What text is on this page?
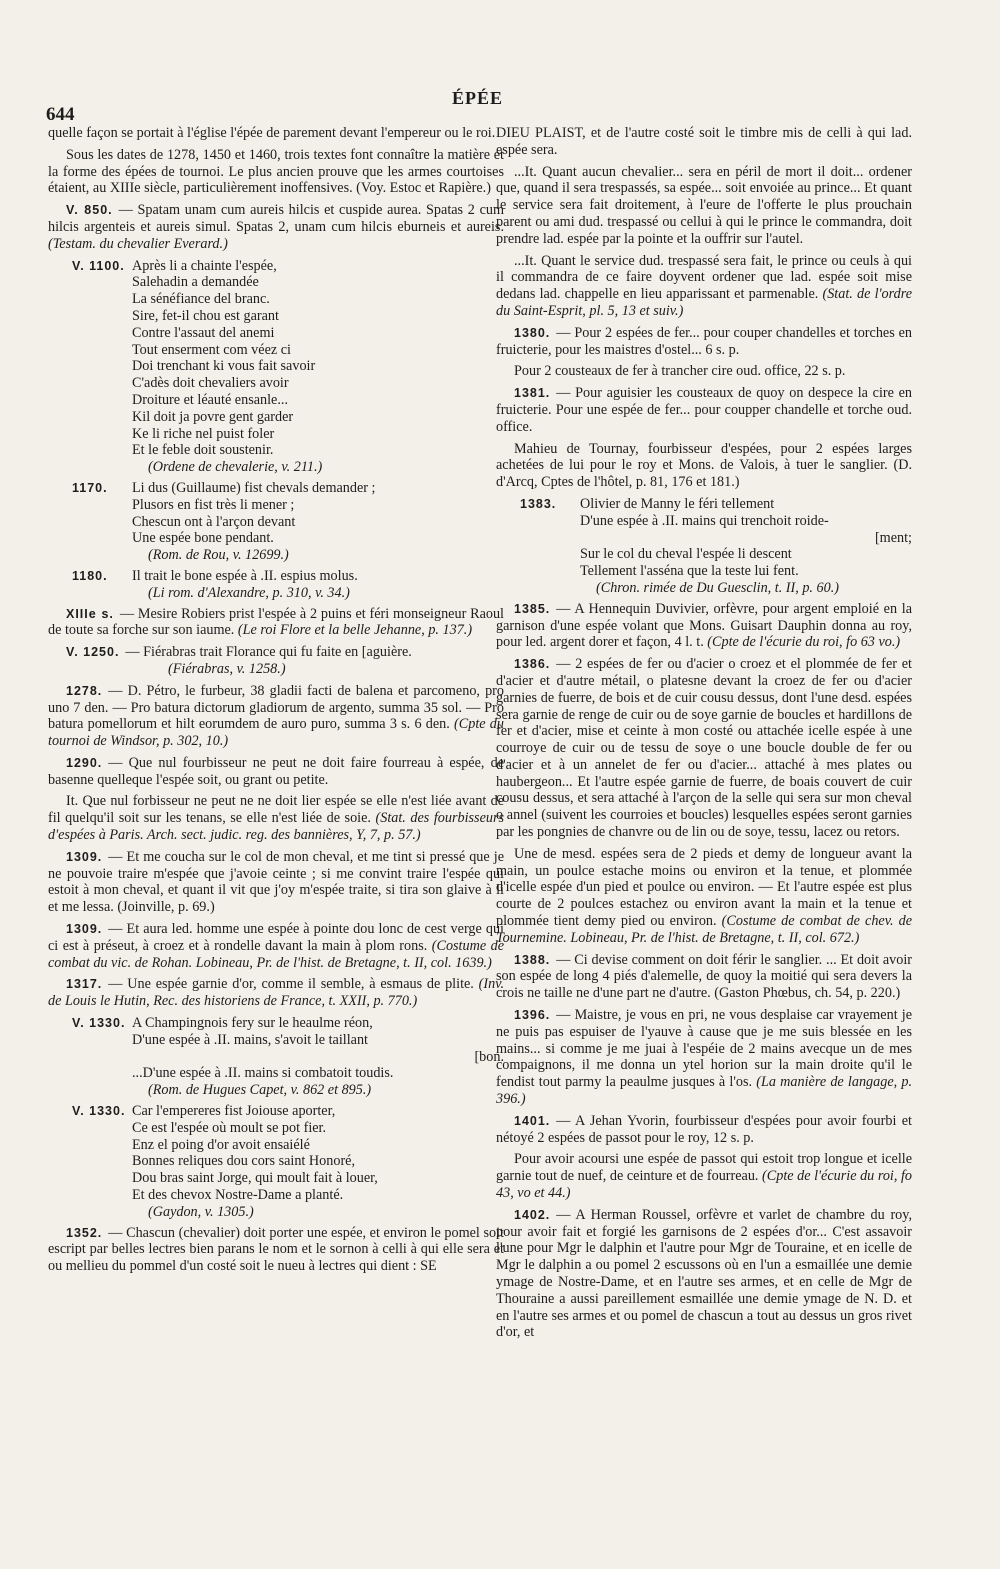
644
ÉPÉE

quelle façon se portait à l'église l'épée de parement devant l'empereur ou le roi.

Sous les dates de 1278, 1450 et 1460, trois textes font connaître la matière et la forme des épées de tournoi. Le plus ancien prouve que les armes courtoises étaient, au XIIIe siècle, particulièrement inoffensives. (Voy. Estoc et Rapière.)

V. 850. — Spatam unam cum aureis hilcis et cuspide aurea. Spatas 2 cum hilcis argenteis et aureis simul. Spatas 2, unam cum hilcis eburneis et aureis. (Testam. du chevalier Everard.)

V. 1100. Après li a chainte l'espée,
Salehadin a demandée
La sénéfiance del branc.
Sire, fet-il chou est garant
Contre l'assaut del anemi
Tout enserment com véez ci
Doi trenchant ki vous fait savoir
C'adès doit chevaliers avoir
Droiture et léauté ensanle...
Kil doit ja povre gent garder
Ke li riche nel puist foler
Et le feble doit soustenir.
(Ordene de chevalerie, v. 211.)
1170.	Li dus (Guillaume) fist chevals demander ;
Plusors en fist très li mener ;
Chescun ont à l'arçon devant
Une espée bone pendant.
(Rom. de Rou, v. 12699.)
1180.	Il trait le bone espée à .II. espius molus.
(Li rom. d'Alexandre, p. 310, v. 34.)

XIIIe s. — Mesire Robiers prist l'espée à 2 puins et féri monseigneur Raoul de toute sa forche sur son iaume. (Le roi Flore et la belle Jehanne, p. 137.)

V. 1250. — Fiérabras trait Florance qui fu faite en [aguière.
(Fiérabras, v. 1258.)

1278. — D. Pétro, le furbeur, 38 gladii facti de balena et parcomeno, pro uno 7 den. — Pro batura dictorum gladiorum de argento, summa 35 sol. — Pro batura pomellorum et hilt eorumdem de auro puro, summa 3 s. 6 den. (Cpte du tournoi de Windsor, p. 302, 10.)

1290. — Que nul fourbisseur ne peut ne doit faire fourreau à espée, de basenne quelleque l'espée soit, ou grant ou petite.

It. Que nul forbisseur ne peut ne ne doit lier espée se elle n'est liée avant de fil quelqu'il soit sur les tenans, se elle n'est liée de soie. (Stat. des fourbisseurs d'espées à Paris. Arch. sect. judic. reg. des bannières, Y, 7, p. 57.)

1309. — Et me coucha sur le col de mon cheval, et me tint si pressé que je ne pouvoie traire m'espée que j'avoie ceinte ; si me convint traire l'espée qui estoit à mon cheval, et quant il vit que j'oy m'espée traite, si tira son glaive à li et me lessa. (Joinville, p. 69.)

1309. — Et aura led. homme une espée à pointe dou lonc de cest verge qui ci est à préseut, à croez et à rondelle davant la main à plom rons. (Costume de combat du vic. de Rohan. Lobineau, Pr. de l'hist. de Bretagne, t. II, col. 1639.)

1317. — Une espée garnie d'or, comme il semble, à esmaus de plite. (Inv. de Louis le Hutin, Rec. des historiens de France, t. XXII, p. 770.)

V. 1330. A Champingnois fery sur le heaulme réon,
D'une espée à .II. mains, s'avoit le taillant
[bon.
...D'une espée à .II. mains si combatoit toudis.
(Rom. de Hugues Capet, v. 862 et 895.)
V. 1330. Car l'empereres fist Joiouse aporter,
Ce est l'espée où moult se pot fier.
Enz el poing d'or avoit ensaiélé
Bonnes reliques dou cors saint Honoré,
Dou bras saint Jorge, qui moult fait à louer,
Et des chevox Nostre-Dame a planté.
(Gaydon, v. 1305.)

1352. — Chascun (chevalier) doit porter une espée, et environ le pomel soit escript par belles lectres bien parans le nom et le sornon à celli à qui elle sera et ou mellieu du pommel d'un costé soit le nueu à lectres qui dient : SE

DIEU PLAIST, et de l'autre costé soit le timbre mis de celli à qui lad. espée sera.

...It. Quant aucun chevalier... sera en péril de mort il doit... ordener que, quand il sera trespassés, sa espée... soit envoiée au prince... Et quant le service sera fait droitement, à l'eure de l'offerte le plus prouchain parent ou ami dud. trespassé ou cellui à qui le prince le commandra, doit prendre lad. espée par la pointe et la ouffrir sur l'autel.

...It. Quant le service dud. trespassé sera fait, le prince ou ceuls à qui il commandra de ce faire doyvent ordener que lad. espée soit mise dedans lad. chappelle en lieu apparissant et parmenable. (Stat. de l'ordre du Saint-Esprit, pl. 5, 13 et suiv.)

1380. — Pour 2 espées de fer... pour couper chandelles et torches en fruicterie, pour les maistres d'ostel... 6 s. p.

Pour 2 cousteaux de fer à trancher cire oud. office, 22 s. p.

1381. — Pour aguisier les cousteaux de quoy on despece la cire en fruicterie. Pour une espée de fer... pour coupper chandelle et torche oud. office.

Mahieu de Tournay, fourbisseur d'espées, pour 2 espées larges achetées de lui pour le roy et Mons. de Valois, à tuer le sanglier. (D. d'Arcq, Cptes de l'hôtel, p. 81, 176 et 181.)

1383.	Olivier de Manny le féri tellement
D'une espée à .II. mains qui trenchoit roide-
[ment;
Sur le col du cheval l'espée li descent
Tellement l'asséna que la teste lui fent.
(Chron. rimée de Du Guesclin, t. II, p. 60.)

1385. — A Hennequin Duvivier, orfèvre, pour argent emploié en la garnison d'une espée volant que Mons. Guisart Dauphin donna au roy, pour led. argent dorer et façon, 4 l. t. (Cpte de l'écurie du roi, fo 63 vo.)

1386. — 2 espées de fer ou d'acier o croez et el plommée de fer et d'acier et d'autre métail, o platesne devant la croez de fer ou d'acier garnies de fuerre, de bois et de cuir cousu dessus, dont l'une desd. espées sera garnie de renge de cuir ou de soye garnie de boucles et hardillons de fer et d'acier, mise et ceinte à mon costé ou attachée icelle espée à une courroye de cuir ou de tessu de soye o une boucle double de fer ou d'acier et à un annelet de fer ou d'acier... attaché à mes plates ou haubergeon... Et l'autre espée garnie de fuerre, de boais couvert de cuir cousu dessus, et sera attaché à l'arçon de la selle qui sera sur mon cheval o annel (suivent les courroies et boucles) lesquelles espées seront garnies par les pongnies de chanvre ou de lin ou de soye, tessu, lacez ou retors.

Une de mesd. espées sera de 2 pieds et demy de longueur avant la main, un poulce estache moins ou environ et la tenue, et plommée d'icelle espée d'un pied et poulce ou environ. — Et l'autre espée est plus courte de 2 poulces estachez ou environ avant la main et la tenue et plommée tient demy pied ou environ. (Costume de combat de chev. de Tournemine. Lobineau, Pr. de l'hist. de Bretagne, t. II, col. 672.)

1388. — Ci devise comment on doit férir le sanglier. ... Et doit avoir son espée de long 4 piés d'alemelle, de quoy la moitié qui sera devers la crois ne taille ne d'une part ne d'autre. (Gaston Phœbus, ch. 54, p. 220.)

1396. — Maistre, je vous en pri, ne vous desplaise car vrayement je ne puis pas espuiser de l'yauve à cause que je me suis blessée en les mains... si comme je me juai à l'espéie de 2 mains avecque un de mes compaignons, il me donna un ytel horion sur la main droite qu'il le fendist tout parmy la peaulme jusques à l'os. (La manière de langage, p. 396.)

1401. — A Jehan Yvorin, fourbisseur d'espées pour avoir fourbi et nétoyé 2 espées de passot pour le roy, 12 s. p.

Pour avoir acoursi une espée de passot qui estoit trop longue et icelle garnie tout de nuef, de ceinture et de fourreau. (Cpte de l'écurie du roi, fo 43, vo et 44.)

1402. — A Herman Roussel, orfèvre et varlet de chambre du roy, pour avoir fait et forgié les garnisons de 2 espées d'or... C'est assavoir l'une pour Mgr le dalphin et l'autre pour Mgr de Touraine, et en icelle de Mgr le dalphin a ou pomel 2 escussons où en l'un a esmaillée une demie ymage de Nostre-Dame, et en l'autre ses armes, et en celle de Mgr de Thouraine a aussi pareillement esmaillée une demie ymage de N. D. et en l'autre ses armes et ou pomel de chascun a tout au dessus un gros rivet d'or, et
